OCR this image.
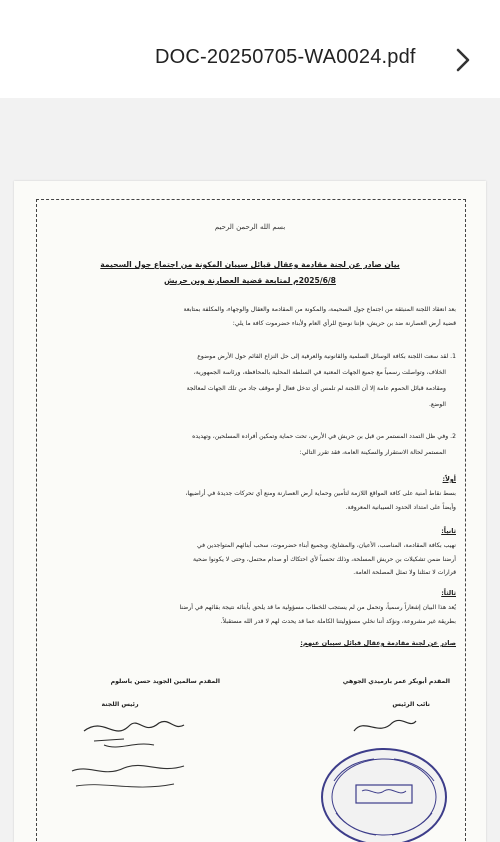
DOC-20250705-WA0024.pdf
بسم الله الرحمن الرحيم
بيان صادر عن لجنة مقادمة وعقال قبائل سيبان المكونة من اجتماع جول السحيمة
2025/6/8م لمتابعة قضية العصارنة وبن حريش
بعد انعقاد اللجنة المنبثقة من اجتماع جول السحيمة، والمكونة من المقادمة والعقال والوجهاء، والمكلفة بمتابعة
قضية أرض العصارنة ضد بن حريش، فإننا نوضح للرأي العام ولأبناء حضرموت كافة ما يلي:
1. لقد سعت اللجنة بكافة الوسائل السلمية والقانونية والعرفية إلى حل النزاع القائم حول الأرض موضوع
الخلاف، وتواصلت رسمياً مع جميع الجهات المعنية في السلطة المحلية بالمحافظة، ورئاسة الجمهورية،
ومقادمة قبائل الحموم عامة إلا أن اللجنة لم تلمس أي تدخل فعال أو موقف جاد من تلك الجهات لمعالجة
الوضع.
2. وفي ظل التمدد المستمر من قبل بن حريش في الأرض، تحت حماية وتمكين أفراده المسلحين، وتهديده
المستمر لحالة الاستقرار والسكينة العامة، فقد تقرر التالي:
أولاً:
بسط نقاط أمنية على كافة المواقع اللازمة لتأمين وحماية أرض العصارنة ومنع أي تحركات جديدة في أراضيها،
وأيضاً على امتداد الحدود السيبانية المعروفة.
ثانياً:
نهيب بكافة المقادمة، المناصب، الأعيان، والمشايخ، وبجميع أبناء حضرموت، سحب أبنائهم المتواجدين في
أرضنا ضمن تشكيلات بن حريش المسلحة، وذلك تحسباً لأي احتكاك أو صدام محتمل، وحتى لا يكونوا ضحية
قرارات لا تمثلنا ولا تمثل المصلحة العامة.
ثالثاً:
يُعد هذا البيان إشعاراً رسمياً، وتحمل من لم يستجب للخطاب مسؤولية ما قد يلحق بأبنائه نتيجة بقائهم في أرضنا
بطريقة غير مشروعة، ونؤكد أننا نخلي مسؤوليتنا الكاملة عما قد يحدث لهم لا قدر الله مستقبلاً.
صادر عن لجنة مقادمة وعقال قبائل سيبان عنهم:
المقدم أبوبكر عمر بارميدي الجوهي
نائب الرئيس
المقدم سالمين الجويد حسن باسلوم
رئيس اللجنة
